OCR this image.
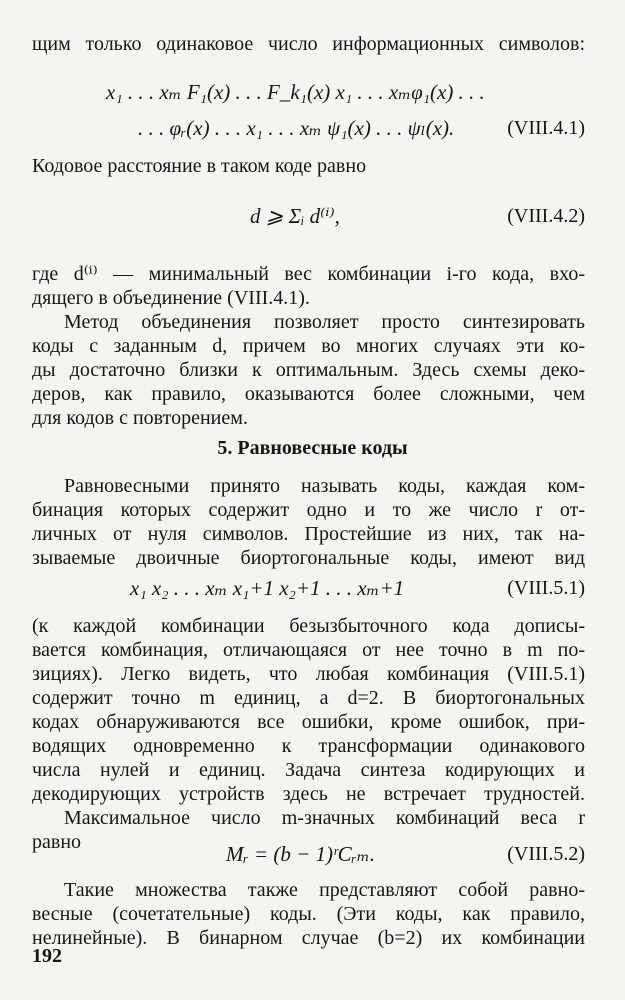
щим только одинаковое число информационных символов:
x₁ . . . xₘ F₁(x) . . . F_k₁(x) x₁ . . . xₘφ₁(x) . . .
. . . φᵣ(x) . . . x₁ . . . xₘ ψ₁(x) . . . ψₗ(x).	(VIII.4.1)
Кодовое расстояние в таком коде равно
d ⩾ Σᵢ d⁽ⁱ⁾,	(VIII.4.2)
где d⁽ⁱ⁾ — минимальный вес комбинации i-го кода, вхо-
дящего в объединение (VIII.4.1).
Метод объединения позволяет просто синтезировать
коды с заданным d, причем во многих случаях эти ко-
ды достаточно близки к оптимальным. Здесь схемы деко-
деров, как правило, оказываются более сложными, чем
для кодов с повторением.
5. Равновесные коды
Равновесными принято называть коды, каждая ком-
бинация которых содержит одно и то же число r от-
личных от нуля символов. Простейшие из них, так на-
зываемые двоичные биортогональные коды, имеют вид
x₁ x₂ . . . xₘ x₁+1 x₂+1 . . . xₘ+1	(VIII.5.1)
(к каждой комбинации безызбыточного кода дописы-
вается комбинация, отличающаяся от нее точно в m по-
зициях). Легко видеть, что любая комбинация (VIII.5.1)
содержит точно m единиц, а d=2. В биортогональных
кодах обнаруживаются все ошибки, кроме ошибок, при-
водящих одновременно к трансформации одинакового
числа нулей и единиц. Задача синтеза кодирующих и
декодирующих устройств здесь не встречает трудностей.
Максимальное число m-значных комбинаций веса r
равно	Mᵣ = (b − 1)ʳCᵣₘ.	(VIII.5.2)
Такие множества также представляют собой равно-
весные (сочетательные) коды. (Эти коды, как правило,
нелинейные). В бинарном случае (b=2) их комбинации
192
